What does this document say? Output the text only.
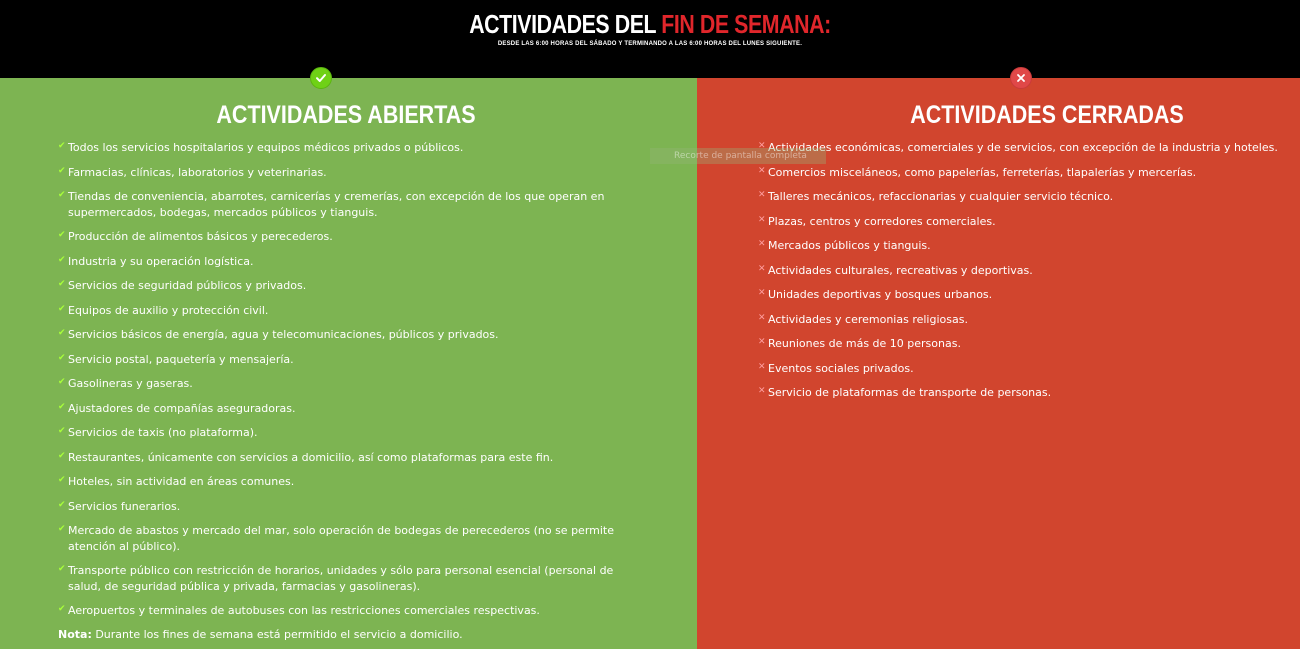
ACTIVIDADES DEL FIN DE SEMANA:
DESDE LAS 6:00 HORAS DEL SÁBADO Y TERMINANDO A LAS 6:00 HORAS DEL LUNES SIGUIENTE.
ACTIVIDADES ABIERTAS
✔ Todos los servicios hospitalarios y equipos médicos privados o públicos.
✔ Farmacias, clínicas, laboratorios y veterinarias.
✔ Tiendas de conveniencia, abarrotes, carnicerías y cremerías, con excepción de los que operan en supermercados, bodegas, mercados públicos y tianguis.
✔ Producción de alimentos básicos y perecederos.
✔ Industria y su operación logística.
✔ Servicios de seguridad públicos y privados.
✔ Equipos de auxilio y protección civil.
✔ Servicios básicos de energía, agua y telecomunicaciones, públicos y privados.
✔ Servicio postal, paquetería y mensajería.
✔ Gasolineras y gaseras.
✔ Ajustadores de compañías aseguradoras.
✔ Servicios de taxis (no plataforma).
✔ Restaurantes, únicamente con servicios a domicilio, así como plataformas para este fin.
✔ Hoteles, sin actividad en áreas comunes.
✔ Servicios funerarios.
✔ Mercado de abastos y mercado del mar, solo operación de bodegas de perecederos (no se permite atención al público).
✔ Transporte público con restricción de horarios, unidades y sólo para personal esencial (personal de salud, de seguridad pública y privada, farmacias y gasolineras).
✔ Aeropuertos y terminales de autobuses con las restricciones comerciales respectivas.
Nota: Durante los fines de semana está permitido el servicio a domicilio.
ACTIVIDADES CERRADAS
✕ Actividades económicas, comerciales y de servicios, con excepción de la industria y hoteles.
✕ Comercios misceláneos, como papelerías, ferreterías, tlapalerías y mercerías.
✕ Talleres mecánicos, refaccionarias y cualquier servicio técnico.
✕ Plazas, centros y corredores comerciales.
✕ Mercados públicos y tianguis.
✕ Actividades culturales, recreativas y deportivas.
✕ Unidades deportivas y bosques urbanos.
✕ Actividades y ceremonias religiosas.
✕ Reuniones de más de 10 personas.
✕ Eventos sociales privados.
✕ Servicio de plataformas de transporte de personas.
Recorte de pantalla completa
